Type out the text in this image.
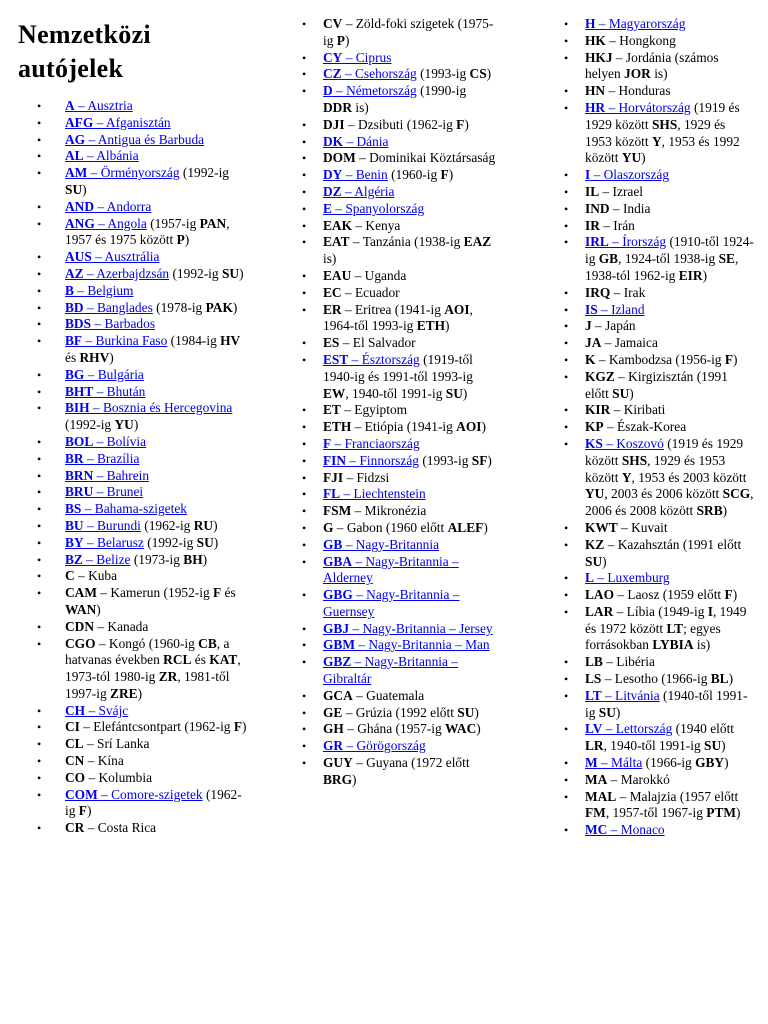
Nemzetközi autójelek
• A – Ausztria
• AFG – Afganisztán
• AG – Antigua és Barbuda
• AL – Albánia
• AM – Örményország (1992-ig SU)
• AND – Andorra
• ANG – Angola (1957-ig PAN, 1957 és 1975 között P)
• AUS – Ausztrália
• AZ – Azerbajdzsán (1992-ig SU)
• B – Belgium
• BD – Banglades (1978-ig PAK)
• BDS – Barbados
• BF – Burkina Faso (1984-ig HV és RHV)
• BG – Bulgária
• BHT – Bhután
• BIH – Bosznia és Hercegovina (1992-ig YU)
• BOL – Bolívia
• BR – Brazília
• BRN – Bahrein
• BRU – Brunei
• BS – Bahama-szigetek
• BU – Burundi (1962-ig RU)
• BY – Belarusz (1992-ig SU)
• BZ – Belize (1973-ig BH)
• C – Kuba
• CAM – Kamerun (1952-ig F és WAN)
• CDN – Kanada
• CGO – Kongó (1960-ig CB, a hatvanas években RCL és KAT, 1973-tól 1980-ig ZR, 1981-től 1997-ig ZRE)
• CH – Svájc
• CI – Elefántcsontpart (1962-ig F)
• CL – Srí Lanka
• CN – Kína
• CO – Kolumbia
• COM – Comore-szigetek (1962-ig F)
• CR – Costa Rica
• CV – Zöld-foki szigetek (1975-ig P)
• CY – Ciprus
• CZ – Csehország (1993-ig CS)
• D – Németország (1990-ig DDR is)
• DJI – Dzsibuti (1962-ig F)
• DK – Dánia
• DOM – Dominikai Köztársaság
• DY – Benin (1960-ig F)
• DZ – Algéria
• E – Spanyolország
• EAK – Kenya
• EAT – Tanzánia (1938-ig EAZ is)
• EAU – Uganda
• EC – Ecuador
• ER – Eritrea (1941-ig AOI, 1964-től 1993-ig ETH)
• ES – El Salvador
• EST – Észtország (1919-től 1940-ig és 1991-től 1993-ig EW, 1940-től 1991-ig SU)
• ET – Egyiptom
• ETH – Etiópia (1941-ig AOI)
• F – Franciaország
• FIN – Finnország (1993-ig SF)
• FJI – Fidzsi
• FL – Liechtenstein
• FSM – Mikronézia
• G – Gabon (1960 előtt ALEF)
• GB – Nagy-Britannia
• GBA – Nagy-Britannia – Alderney
• GBG – Nagy-Britannia – Guernsey
• GBJ – Nagy-Britannia – Jersey
• GBM – Nagy-Britannia – Man
• GBZ – Nagy-Britannia – Gibraltár
• GCA – Guatemala
• GE – Grúzia (1992 előtt SU)
• GH – Ghána (1957-ig WAC)
• GR – Görögország
• GUY – Guyana (1972 előtt BRG)
• H – Magyarország
• HK – Hongkong
• HKJ – Jordánia (számos helyen JOR is)
• HN – Honduras
• HR – Horvátország (1919 és 1929 között SHS, 1929 és 1953 között Y, 1953 és 1992 között YU)
• I – Olaszország
• IL – Izrael
• IND – India
• IR – Irán
• IRL – Írország (1910-től 1924-ig GB, 1924-től 1938-ig SE, 1938-tól 1962-ig EIR)
• IRQ – Irak
• IS – Izland
• J – Japán
• JA – Jamaica
• K – Kambodzsa (1956-ig F)
• KGZ – Kirgizisztán (1991 előtt SU)
• KIR – Kiribati
• KP – Észak-Korea
• KS – Koszovó (1919 és 1929 között SHS, 1929 és 1953 között Y, 1953 és 2003 között YU, 2003 és 2006 között SCG, 2006 és 2008 között SRB)
• KWT – Kuvait
• KZ – Kazahsztán (1991 előtt SU)
• L – Luxemburg
• LAO – Laosz (1959 előtt F)
• LAR – Líbia (1949-ig I, 1949 és 1972 között LT; egyes forrásokban LYBIA is)
• LB – Libéria
• LS – Lesotho (1966-ig BL)
• LT – Litvánia (1940-től 1991-ig SU)
• LV – Lettország (1940 előtt LR, 1940-től 1991-ig SU)
• M – Málta (1966-ig GBY)
• MA – Marokkó
• MAL – Malajzia (1957 előtt FM, 1957-től 1967-ig PTM)
• MC – Monaco
